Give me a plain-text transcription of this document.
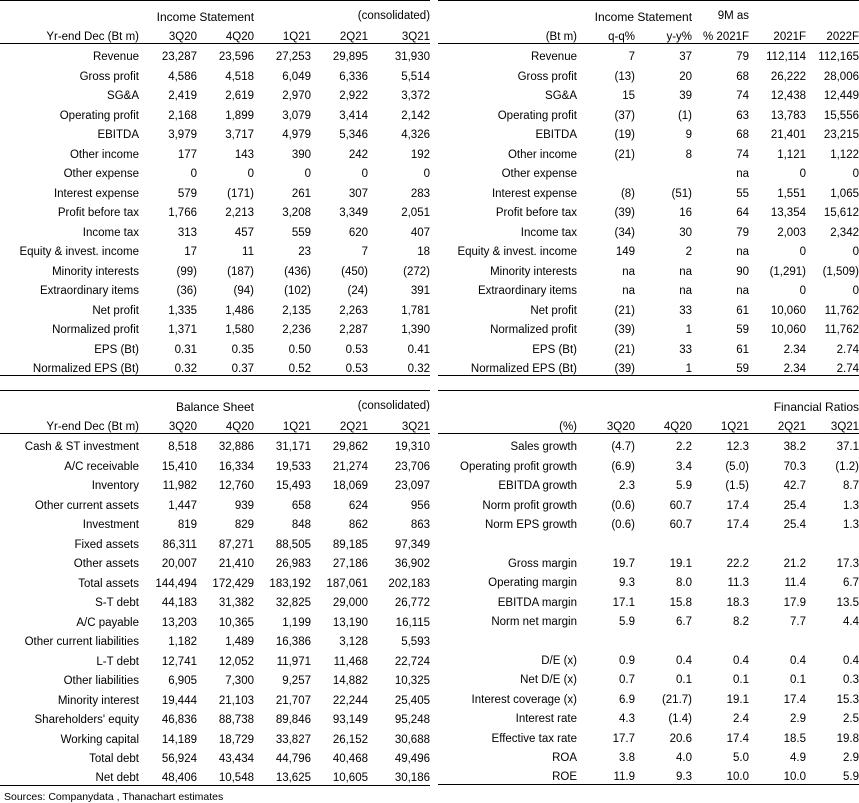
Income Statement			(consolidated)		
Yr-end Dec (Bt m)	3Q20	4Q20	1Q21	2Q21	3Q21
Income Statement			9M as		
(Bt m)	q-q%	y-y%	% 2021F	2021F	2022F
Revenue	23,287	23,596	27,253	29,895	31,930
Gross profit	4,586	4,518	6,049	6,336	5,514
SG&A	2,419	2,619	2,970	2,922	3,372
Operating profit	2,168	1,899	3,079	3,414	2,142
EBITDA	3,979	3,717	4,979	5,346	4,326
Other income	177	143	390	242	192
Other expense	0	0	0	0	0
Interest expense	579	(171)	261	307	283
Profit before tax	1,766	2,213	3,208	3,349	2,051
Income tax	313	457	559	620	407
Equity & invest. income	17	11	23	7	18
Minority interests	(99)	(187)	(436)	(450)	(272)
Extraordinary items	(36)	(94)	(102)	(24)	391
Net profit	1,335	1,486	2,135	2,263	1,781
Normalized profit	1,371	1,580	2,236	2,287	1,390
EPS (Bt)	0.31	0.35	0.50	0.53	0.41
Normalized EPS (Bt)	0.32	0.37	0.52	0.53	0.32
Revenue	7	37	79	112,114	112,165
Gross profit	(13)	20	68	26,222	28,006
SG&A	15	39	74	12,438	12,449
Operating profit	(37)	(1)	63	13,783	15,556
EBITDA	(19)	9	68	21,401	23,215
Other income	(21)	8	74	1,121	1,122
Other expense			na	0	0
Interest expense	(8)	(51)	55	1,551	1,065
Profit before tax	(39)	16	64	13,354	15,612
Income tax	(34)	30	79	2,003	2,342
Equity & invest. income	149	2	na	0	0
Minority interests	na	na	90	(1,291)	(1,509)
Extraordinary items	na	na	na	0	0
Net profit	(21)	33	61	10,060	11,762
Normalized profit	(39)	1	59	10,060	11,762
EPS (Bt)	(21)	33	61	2.34	2.74
Normalized EPS (Bt)	(39)	1	59	2.34	2.74
Balance Sheet			(consolidated)		
Yr-end Dec (Bt m)	3Q20	4Q20	1Q21	2Q21	3Q21
Financial Ratios
(%)	3Q20	4Q20	1Q21	2Q21	3Q21
Cash & ST investment	8,518	32,886	31,171	29,862	19,310
A/C receivable	15,410	16,334	19,533	21,274	23,706
Inventory	11,982	12,760	15,493	18,069	23,097
Other current assets	1,447	939	658	624	956
Investment	819	829	848	862	863
Fixed assets	86,311	87,271	88,505	89,185	97,349
Other assets	20,007	21,410	26,983	27,186	36,902
Total assets	144,494	172,429	183,192	187,061	202,183
S-T debt	44,183	31,382	32,825	29,000	26,772
A/C payable	13,203	10,365	1,199	13,190	16,115
Other current liabilities	1,182	1,489	16,386	3,128	5,593
L-T debt	12,741	12,052	11,971	11,468	22,724
Other liabilities	6,905	7,300	9,257	14,882	10,325
Minority interest	19,444	21,103	21,707	22,244	25,405
Shareholders' equity	46,836	88,738	89,846	93,149	95,248
Working capital	14,189	18,729	33,827	26,152	30,688
Total debt	56,924	43,434	44,796	40,468	49,496
Net debt	48,406	10,548	13,625	10,605	30,186
Sources: Companydata , Thanachart estimates
Sales growth	(4.7)	2.2	12.3	38.2	37.1
Operating profit growth	(6.9)	3.4	(5.0)	70.3	(1.2)
EBITDA growth	2.3	5.9	(1.5)	42.7	8.7
Norm profit growth	(0.6)	60.7	17.4	25.4	1.3
Norm EPS growth	(0.6)	60.7	17.4	25.4	1.3

Gross margin	19.7	19.1	22.2	21.2	17.3
Operating margin	9.3	8.0	11.3	11.4	6.7
EBITDA margin	17.1	15.8	18.3	17.9	13.5
Norm net margin	5.9	6.7	8.2	7.7	4.4

D/E (x)	0.9	0.4	0.4	0.4	0.4
Net D/E (x)	0.7	0.1	0.1	0.1	0.3
Interest coverage (x)	6.9	(21.7)	19.1	17.4	15.3
Interest rate	4.3	(1.4)	2.4	2.9	2.5
Effective tax rate	17.7	20.6	17.4	18.5	19.8
ROA	3.8	4.0	5.0	4.9	2.9
ROE	11.9	9.3	10.0	10.0	5.9
